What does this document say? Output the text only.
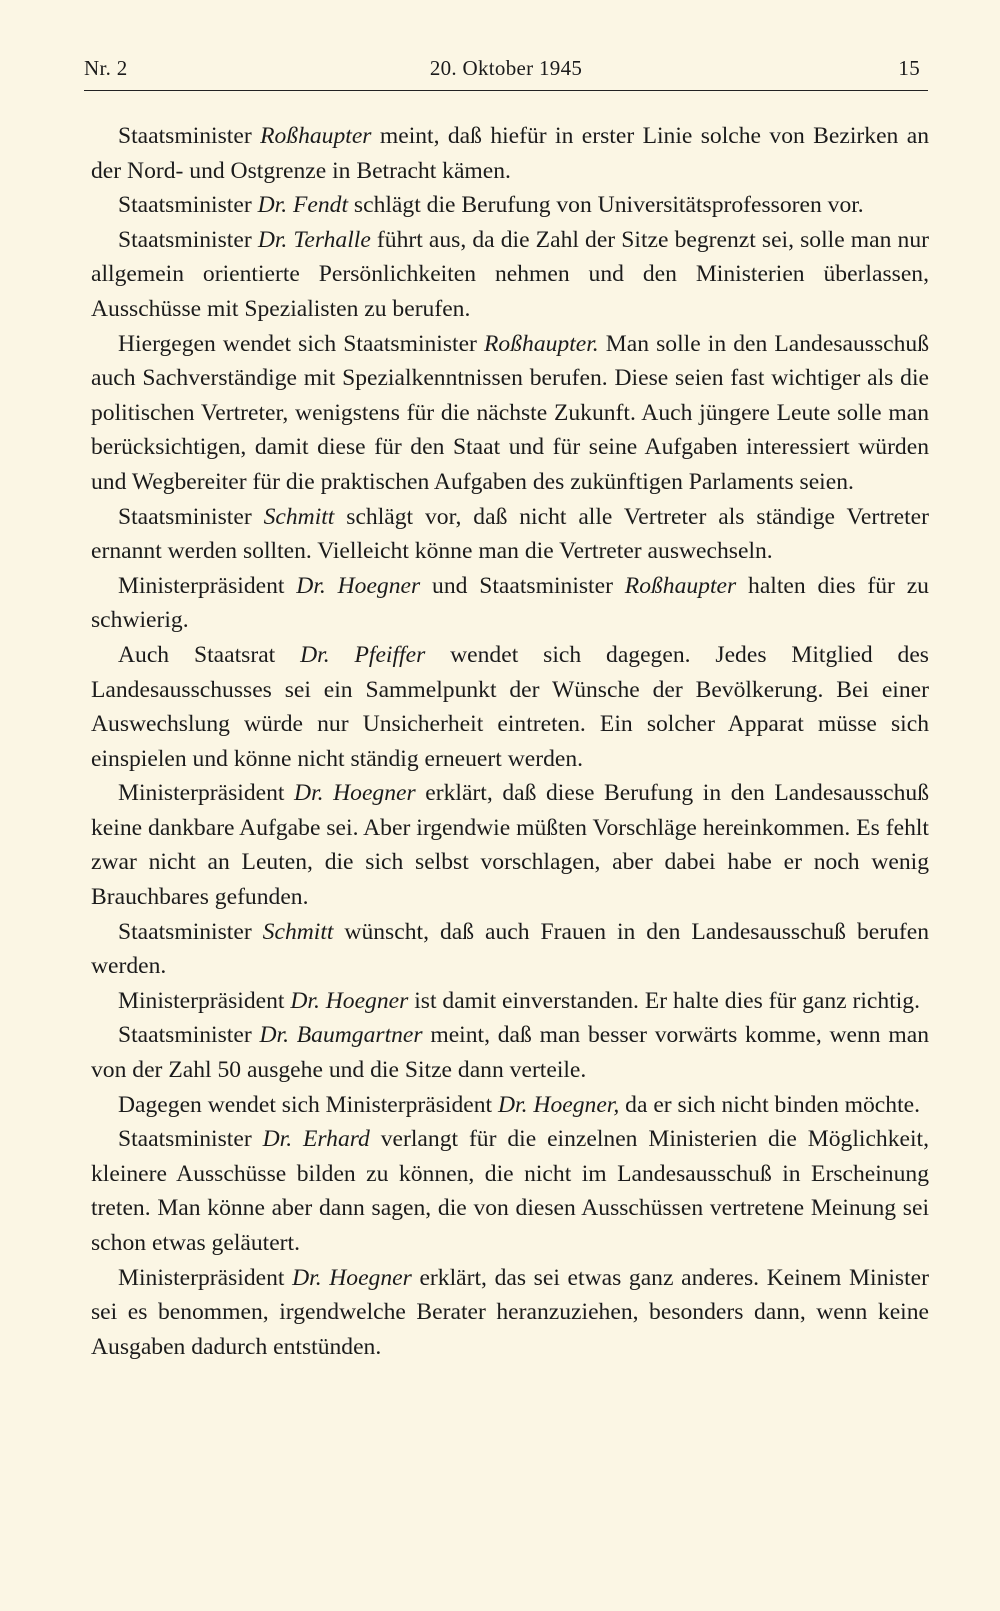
Nr. 2	20. Oktober 1945	15

Staatsminister Roßhaupter meint, daß hiefür in erster Linie solche von Bezirken an der Nord- und Ostgrenze in Betracht kämen.

Staatsminister Dr. Fendt schlägt die Berufung von Universitätsprofessoren vor.

Staatsminister Dr. Terhalle führt aus, da die Zahl der Sitze begrenzt sei, solle man nur allgemein orientierte Persönlichkeiten nehmen und den Ministerien überlassen, Ausschüsse mit Spezialisten zu berufen.

Hiergegen wendet sich Staatsminister Roßhaupter. Man solle in den Landesausschuß auch Sachverständige mit Spezialkenntnissen berufen. Diese seien fast wichtiger als die politischen Vertreter, wenigstens für die nächste Zukunft. Auch jüngere Leute solle man berücksichtigen, damit diese für den Staat und für seine Aufgaben interessiert würden und Wegbereiter für die praktischen Aufgaben des zukünftigen Parlaments seien.

Staatsminister Schmitt schlägt vor, daß nicht alle Vertreter als ständige Vertreter ernannt werden sollten. Vielleicht könne man die Vertreter auswechseln.

Ministerpräsident Dr. Hoegner und Staatsminister Roßhaupter halten dies für zu schwierig.

Auch Staatsrat Dr. Pfeiffer wendet sich dagegen. Jedes Mitglied des Landesausschusses sei ein Sammelpunkt der Wünsche der Bevölkerung. Bei einer Auswechslung würde nur Unsicherheit eintreten. Ein solcher Apparat müsse sich einspielen und könne nicht ständig erneuert werden.

Ministerpräsident Dr. Hoegner erklärt, daß diese Berufung in den Landesausschuß keine dankbare Aufgabe sei. Aber irgendwie müßten Vorschläge hereinkommen. Es fehlt zwar nicht an Leuten, die sich selbst vorschlagen, aber dabei habe er noch wenig Brauchbares gefunden.

Staatsminister Schmitt wünscht, daß auch Frauen in den Landesausschuß berufen werden.

Ministerpräsident Dr. Hoegner ist damit einverstanden. Er halte dies für ganz richtig.

Staatsminister Dr. Baumgartner meint, daß man besser vorwärts komme, wenn man von der Zahl 50 ausgehe und die Sitze dann verteile.

Dagegen wendet sich Ministerpräsident Dr. Hoegner, da er sich nicht binden möchte.

Staatsminister Dr. Erhard verlangt für die einzelnen Ministerien die Möglichkeit, kleinere Ausschüsse bilden zu können, die nicht im Landesausschuß in Erscheinung treten. Man könne aber dann sagen, die von diesen Ausschüssen vertretene Meinung sei schon etwas geläutert.

Ministerpräsident Dr. Hoegner erklärt, das sei etwas ganz anderes. Keinem Minister sei es benommen, irgendwelche Berater heranzuziehen, besonders dann, wenn keine Ausgaben dadurch entstünden.
